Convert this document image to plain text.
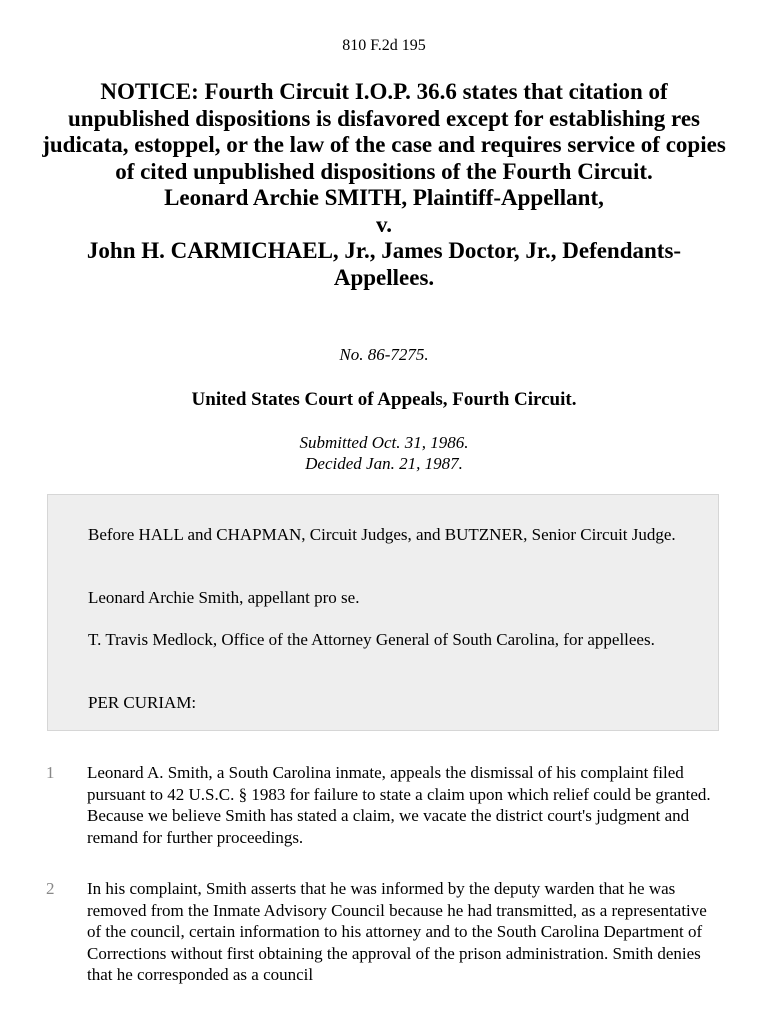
810 F.2d 195
NOTICE: Fourth Circuit I.O.P. 36.6 states that citation of unpublished dispositions is disfavored except for establishing res judicata, estoppel, or the law of the case and requires service of copies of cited unpublished dispositions of the Fourth Circuit.
Leonard Archie SMITH, Plaintiff-Appellant,
v.
John H. CARMICHAEL, Jr., James Doctor, Jr., Defendants-Appellees.
No. 86-7275.
United States Court of Appeals, Fourth Circuit.
Submitted Oct. 31, 1986.
Decided Jan. 21, 1987.

Before HALL and CHAPMAN, Circuit Judges, and BUTZNER, Senior Circuit Judge.

Leonard Archie Smith, appellant pro se.

T. Travis Medlock, Office of the Attorney General of South Carolina, for appellees.

PER CURIAM:

1 Leonard A. Smith, a South Carolina inmate, appeals the dismissal of his complaint filed pursuant to 42 U.S.C. § 1983 for failure to state a claim upon which relief could be granted. Because we believe Smith has stated a claim, we vacate the district court's judgment and remand for further proceedings.

2 In his complaint, Smith asserts that he was informed by the deputy warden that he was removed from the Inmate Advisory Council because he had transmitted, as a representative of the council, certain information to his attorney and to the South Carolina Department of Corrections without first obtaining the approval of the prison administration. Smith denies that he corresponded as a council
